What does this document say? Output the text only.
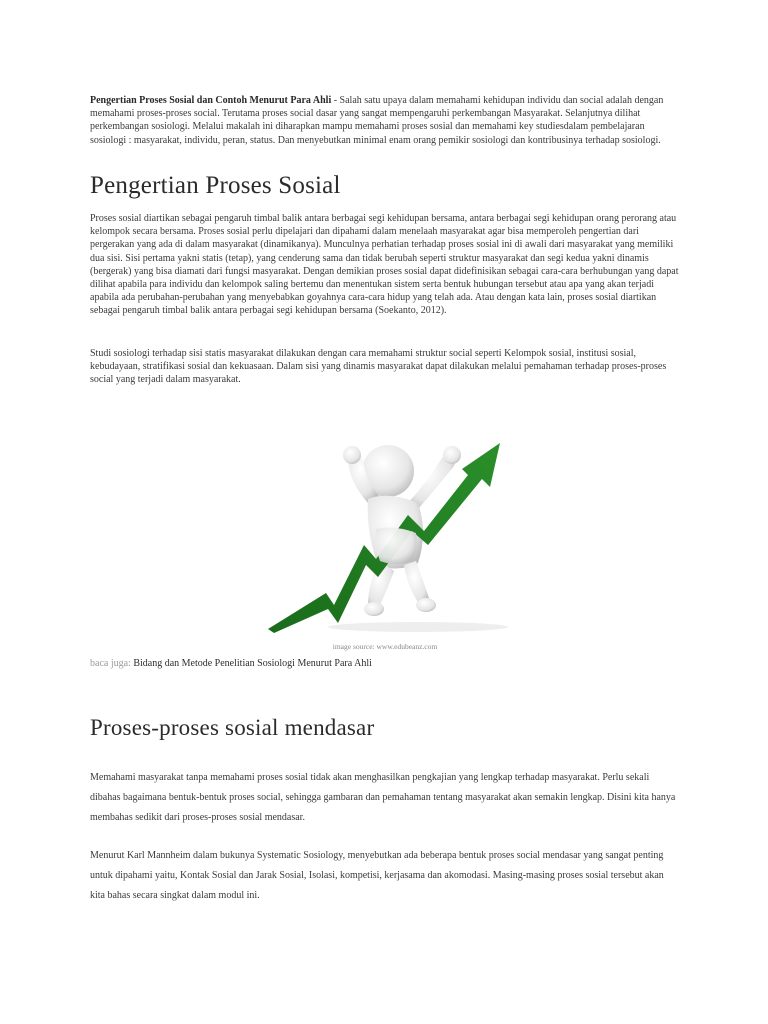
Pengertian Proses Sosial dan Contoh Menurut Para Ahli - Salah satu upaya dalam memahami kehidupan individu dan social adalah dengan memahami proses-proses social. Terutama proses social dasar yang sangat mempengaruhi perkembangan Masyarakat. Selanjutnya dilihat perkembangan sosiologi. Melalui makalah ini diharapkan mampu memahami proses sosial dan memahami key studiesdalam pembelajaran sosiologi : masyarakat, individu, peran, status. Dan menyebutkan minimal enam orang pemikir sosiologi dan kontribusinya terhadap sosiologi.

Pengertian Proses Sosial

Proses sosial diartikan sebagai pengaruh timbal balik antara berbagai segi kehidupan bersama, antara berbagai segi kehidupan orang perorang atau kelompok secara bersama. Proses sosial perlu dipelajari dan dipahami dalam menelaah masyarakat agar bisa memperoleh pengertian dari pergerakan yang ada di dalam masyarakat (dinamikanya). Munculnya perhatian terhadap proses sosial ini di awali dari masyarakat yang memiliki dua sisi. Sisi pertama yakni statis (tetap), yang cenderung sama dan tidak berubah seperti struktur masyarakat dan segi kedua yakni dinamis (bergerak) yang bisa diamati dari fungsi masyarakat. Dengan demikian proses sosial dapat didefinisikan sebagai cara-cara berhubungan yang dapat dilihat apabila para individu dan kelompok saling bertemu dan menentukan sistem serta bentuk hubungan tersebut atau apa yang akan terjadi apabila ada perubahan-perubahan yang menyebabkan goyahnya cara-cara hidup yang telah ada. Atau dengan kata lain, proses sosial diartikan sebagai pengaruh timbal balik antara perbagai segi kehidupan bersama (Soekanto, 2012).

Studi sosiologi terhadap sisi statis masyarakat dilakukan dengan cara memahami struktur social seperti Kelompok sosial, institusi sosial, kebudayaan, stratifikasi sosial dan kekuasaan. Dalam sisi yang dinamis masyarakat dapat dilakukan melalui pemahaman terhadap proses-proses social yang terjadi dalam masyarakat.

image source: www.edubeanz.com
baca juga: Bidang dan Metode Penelitian Sosiologi Menurut Para Ahli
Proses-proses sosial mendasar

Memahami masyarakat tanpa memahami proses sosial tidak akan menghasilkan pengkajian yang lengkap terhadap masyarakat. Perlu sekali dibahas bagaimana bentuk-bentuk proses social, sehingga gambaran dan pemahaman tentang masyarakat akan semakin lengkap. Disini kita hanya membahas sedikit dari proses-proses sosial mendasar.

Menurut Karl Mannheim dalam bukunya Systematic Sosiology, menyebutkan ada beberapa bentuk proses social mendasar yang sangat penting untuk dipahami yaitu, Kontak Sosial dan Jarak Sosial, Isolasi, kompetisi, kerjasama dan akomodasi. Masing-masing proses sosial tersebut akan kita bahas secara singkat dalam modul ini.
